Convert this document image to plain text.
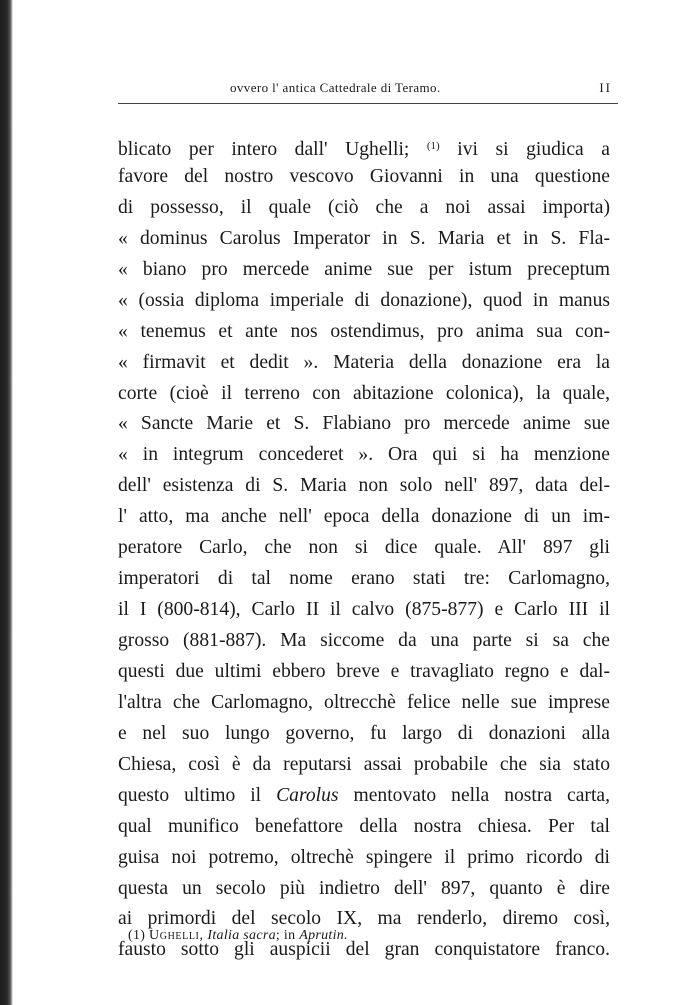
ovvero l' antica Cattedrale di Teramo.	II
blicato per intero dall' Ughelli; $^{(1)}$ ivi si giudica a
favore del nostro vescovo Giovanni in una questione
di possesso, il quale (ciò che a noi assai importa)
« dominus Carolus Imperator in S. Maria et in S. Fla-
« biano pro mercede anime sue per istum preceptum
« (ossia diploma imperiale di donazione), quod in manus
« tenemus et ante nos ostendimus, pro anima sua con-
« firmavit et dedit ». Materia della donazione era la
corte (cioè il terreno con abitazione colonica), la quale,
« Sancte Marie et S. Flabiano pro mercede anime sue
« in integrum concederet ». Ora qui si ha menzione
dell' esistenza di S. Maria non solo nell' 897, data del-
l' atto, ma anche nell' epoca della donazione di un im-
peratore Carlo, che non si dice quale. All' 897 gli
imperatori di tal nome erano stati tre: Carlomagno,
il I (800-814), Carlo II il calvo (875-877) e Carlo III il
grosso (881-887). Ma siccome da una parte si sa che
questi due ultimi ebbero breve e travagliato regno e dal-
l'altra che Carlomagno, oltrecchè felice nelle sue imprese
e nel suo lungo governo, fu largo di donazioni alla
Chiesa, così è da reputarsi assai probabile che sia stato
questo ultimo il Carolus mentovato nella nostra carta,
qual munifico benefattore della nostra chiesa. Per tal
guisa noi potremo, oltrechè spingere il primo ricordo di
questa un secolo più indietro dell' 897, quanto è dire
ai primordi del secolo IX, ma renderlo, diremo così,
fausto sotto gli auspicii del gran conquistatore franco.
(1) Ughelli, Italia sacra; in Aprutin.
